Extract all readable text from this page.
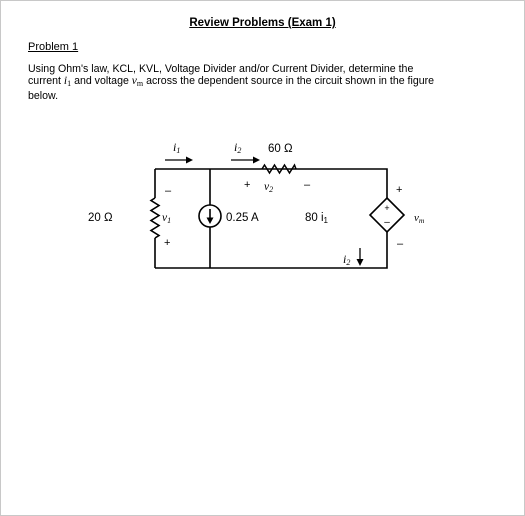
Review Problems (Exam 1)
Problem 1
Using Ohm's law, KCL, KVL, Voltage Divider and/or Current Divider, determine the
current $i_1$ and voltage $v_m$ across the dependent source in the circuit shown in the figure
below.
+
–
20 Ω
60 Ω
0.25 A	80 i1
i1	i2
i2
–
v1
+
+ v2	–	+
vm
–
